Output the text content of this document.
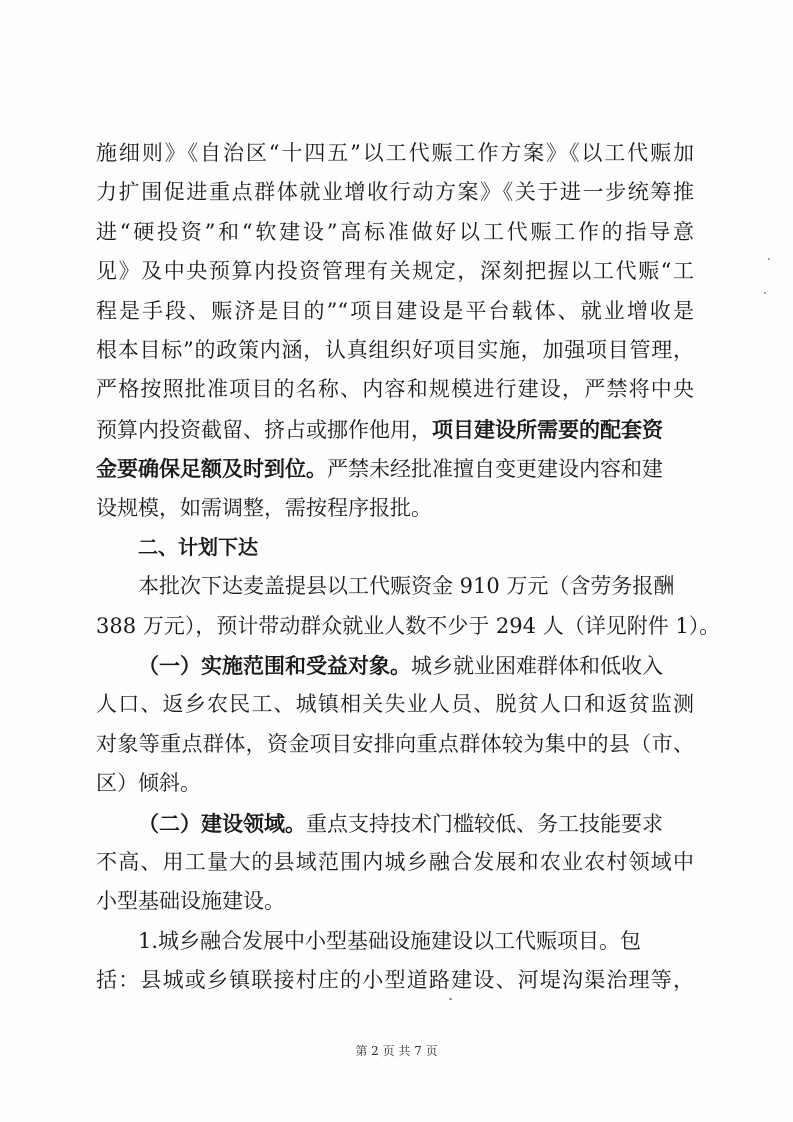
施细则》《自治区“十四五”以工代赈工作方案》《以工代赈加
力扩围促进重点群体就业增收行动方案》《关于进一步统筹推
进“硬投资”和“软建设”高标准做好以工代赈工作的指导意
见》及中央预算内投资管理有关规定，深刻把握以工代赈“工
程是手段、赈济是目的”“项目建设是平台载体、就业增收是
根本目标”的政策内涵，认真组织好项目实施，加强项目管理，
严格按照批准项目的名称、内容和规模进行建设，严禁将中央
预算内投资截留、挤占或挪作他用，项目建设所需要的配套资
金要确保足额及时到位。严禁未经批准擅自变更建设内容和建
设规模，如需调整，需按程序报批。
二、计划下达
本批次下达麦盖提县以工代赈资金 910 万元（含劳务报酬
388 万元），预计带动群众就业人数不少于 294 人（详见附件 1）。
（一）实施范围和受益对象。城乡就业困难群体和低收入
人口、返乡农民工、城镇相关失业人员、脱贫人口和返贫监测
对象等重点群体，资金项目安排向重点群体较为集中的县（市、
区）倾斜。
（二）建设领域。重点支持技术门槛较低、务工技能要求
不高、用工量大的县域范围内城乡融合发展和农业农村领域中
小型基础设施建设。
1.城乡融合发展中小型基础设施建设以工代赈项目。包
括：县城或乡镇联接村庄的小型道路建设、河堤沟渠治理等，
第 2 页 共 7 页
